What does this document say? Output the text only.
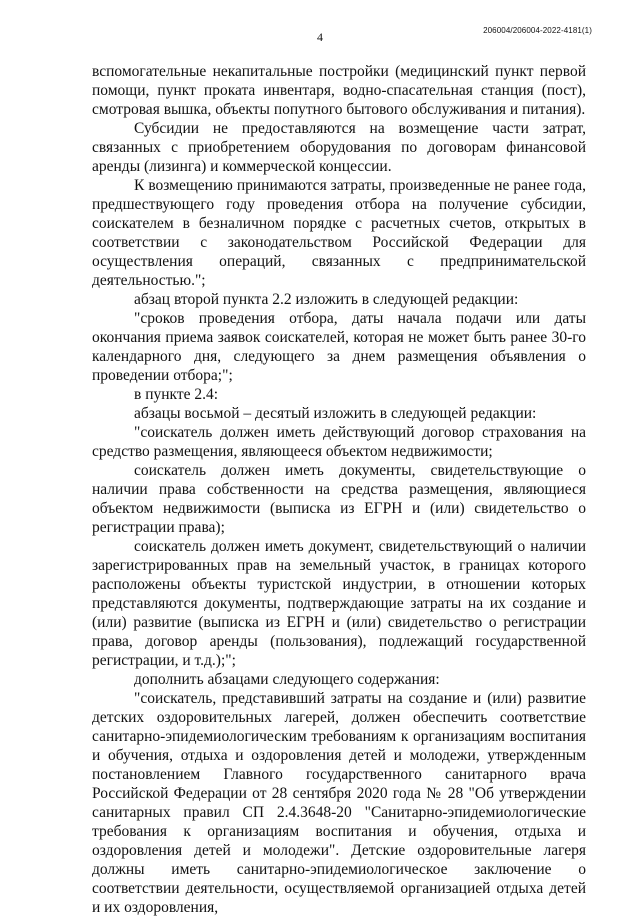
4	206004/206004-2022-4181(1)

вспомогательные некапитальные постройки (медицинский пункт первой помощи, пункт проката инвентаря, водно-спасательная станция (пост), смотровая вышка, объекты попутного бытового обслуживания и питания).

Субсидии не предоставляются на возмещение части затрат, связанных с приобретением оборудования по договорам финансовой аренды (лизинга) и коммерческой концессии.

К возмещению принимаются затраты, произведенные не ранее года, предшествующего году проведения отбора на получение субсидии, соискателем в безналичном порядке с расчетных счетов, открытых в соответствии с законодательством Российской Федерации для осуществления операций, связанных с предпринимательской деятельностью.";

абзац второй пункта 2.2 изложить в следующей редакции:

"сроков проведения отбора, даты начала подачи или даты окончания приема заявок соискателей, которая не может быть ранее 30-го календарного дня, следующего за днем размещения объявления о проведении отбора;";

в пункте 2.4:

абзацы восьмой – десятый изложить в следующей редакции:

"соискатель должен иметь действующий договор страхования на средство размещения, являющееся объектом недвижимости;

соискатель должен иметь документы, свидетельствующие о наличии права собственности на средства размещения, являющиеся объектом недвижимости (выписка из ЕГРН и (или) свидетельство о регистрации права);

соискатель должен иметь документ, свидетельствующий о наличии зарегистрированных прав на земельный участок, в границах которого расположены объекты туристской индустрии, в отношении которых представляются документы, подтверждающие затраты на их создание и (или) развитие (выписка из ЕГРН и (или) свидетельство о регистрации права, договор аренды (пользования), подлежащий государственной регистрации, и т.д.);";

дополнить абзацами следующего содержания:

"соискатель, представивший затраты на создание и (или) развитие детских оздоровительных лагерей, должен обеспечить соответствие санитарно-эпидемиологическим требованиям к организациям воспитания и обучения, отдыха и оздоровления детей и молодежи, утвержденным постановлением Главного государственного санитарного врача Российской Федерации от 28 сентября 2020 года № 28 "Об утверждении санитарных правил СП 2.4.3648-20 "Санитарно-эпидемиологические требования к организациям воспитания и обучения, отдыха и оздоровления детей и молодежи". Детские оздоровительные лагеря должны иметь санитарно-эпидемиологическое заключение о соответствии деятельности, осуществляемой организацией отдыха детей и их оздоровления,
